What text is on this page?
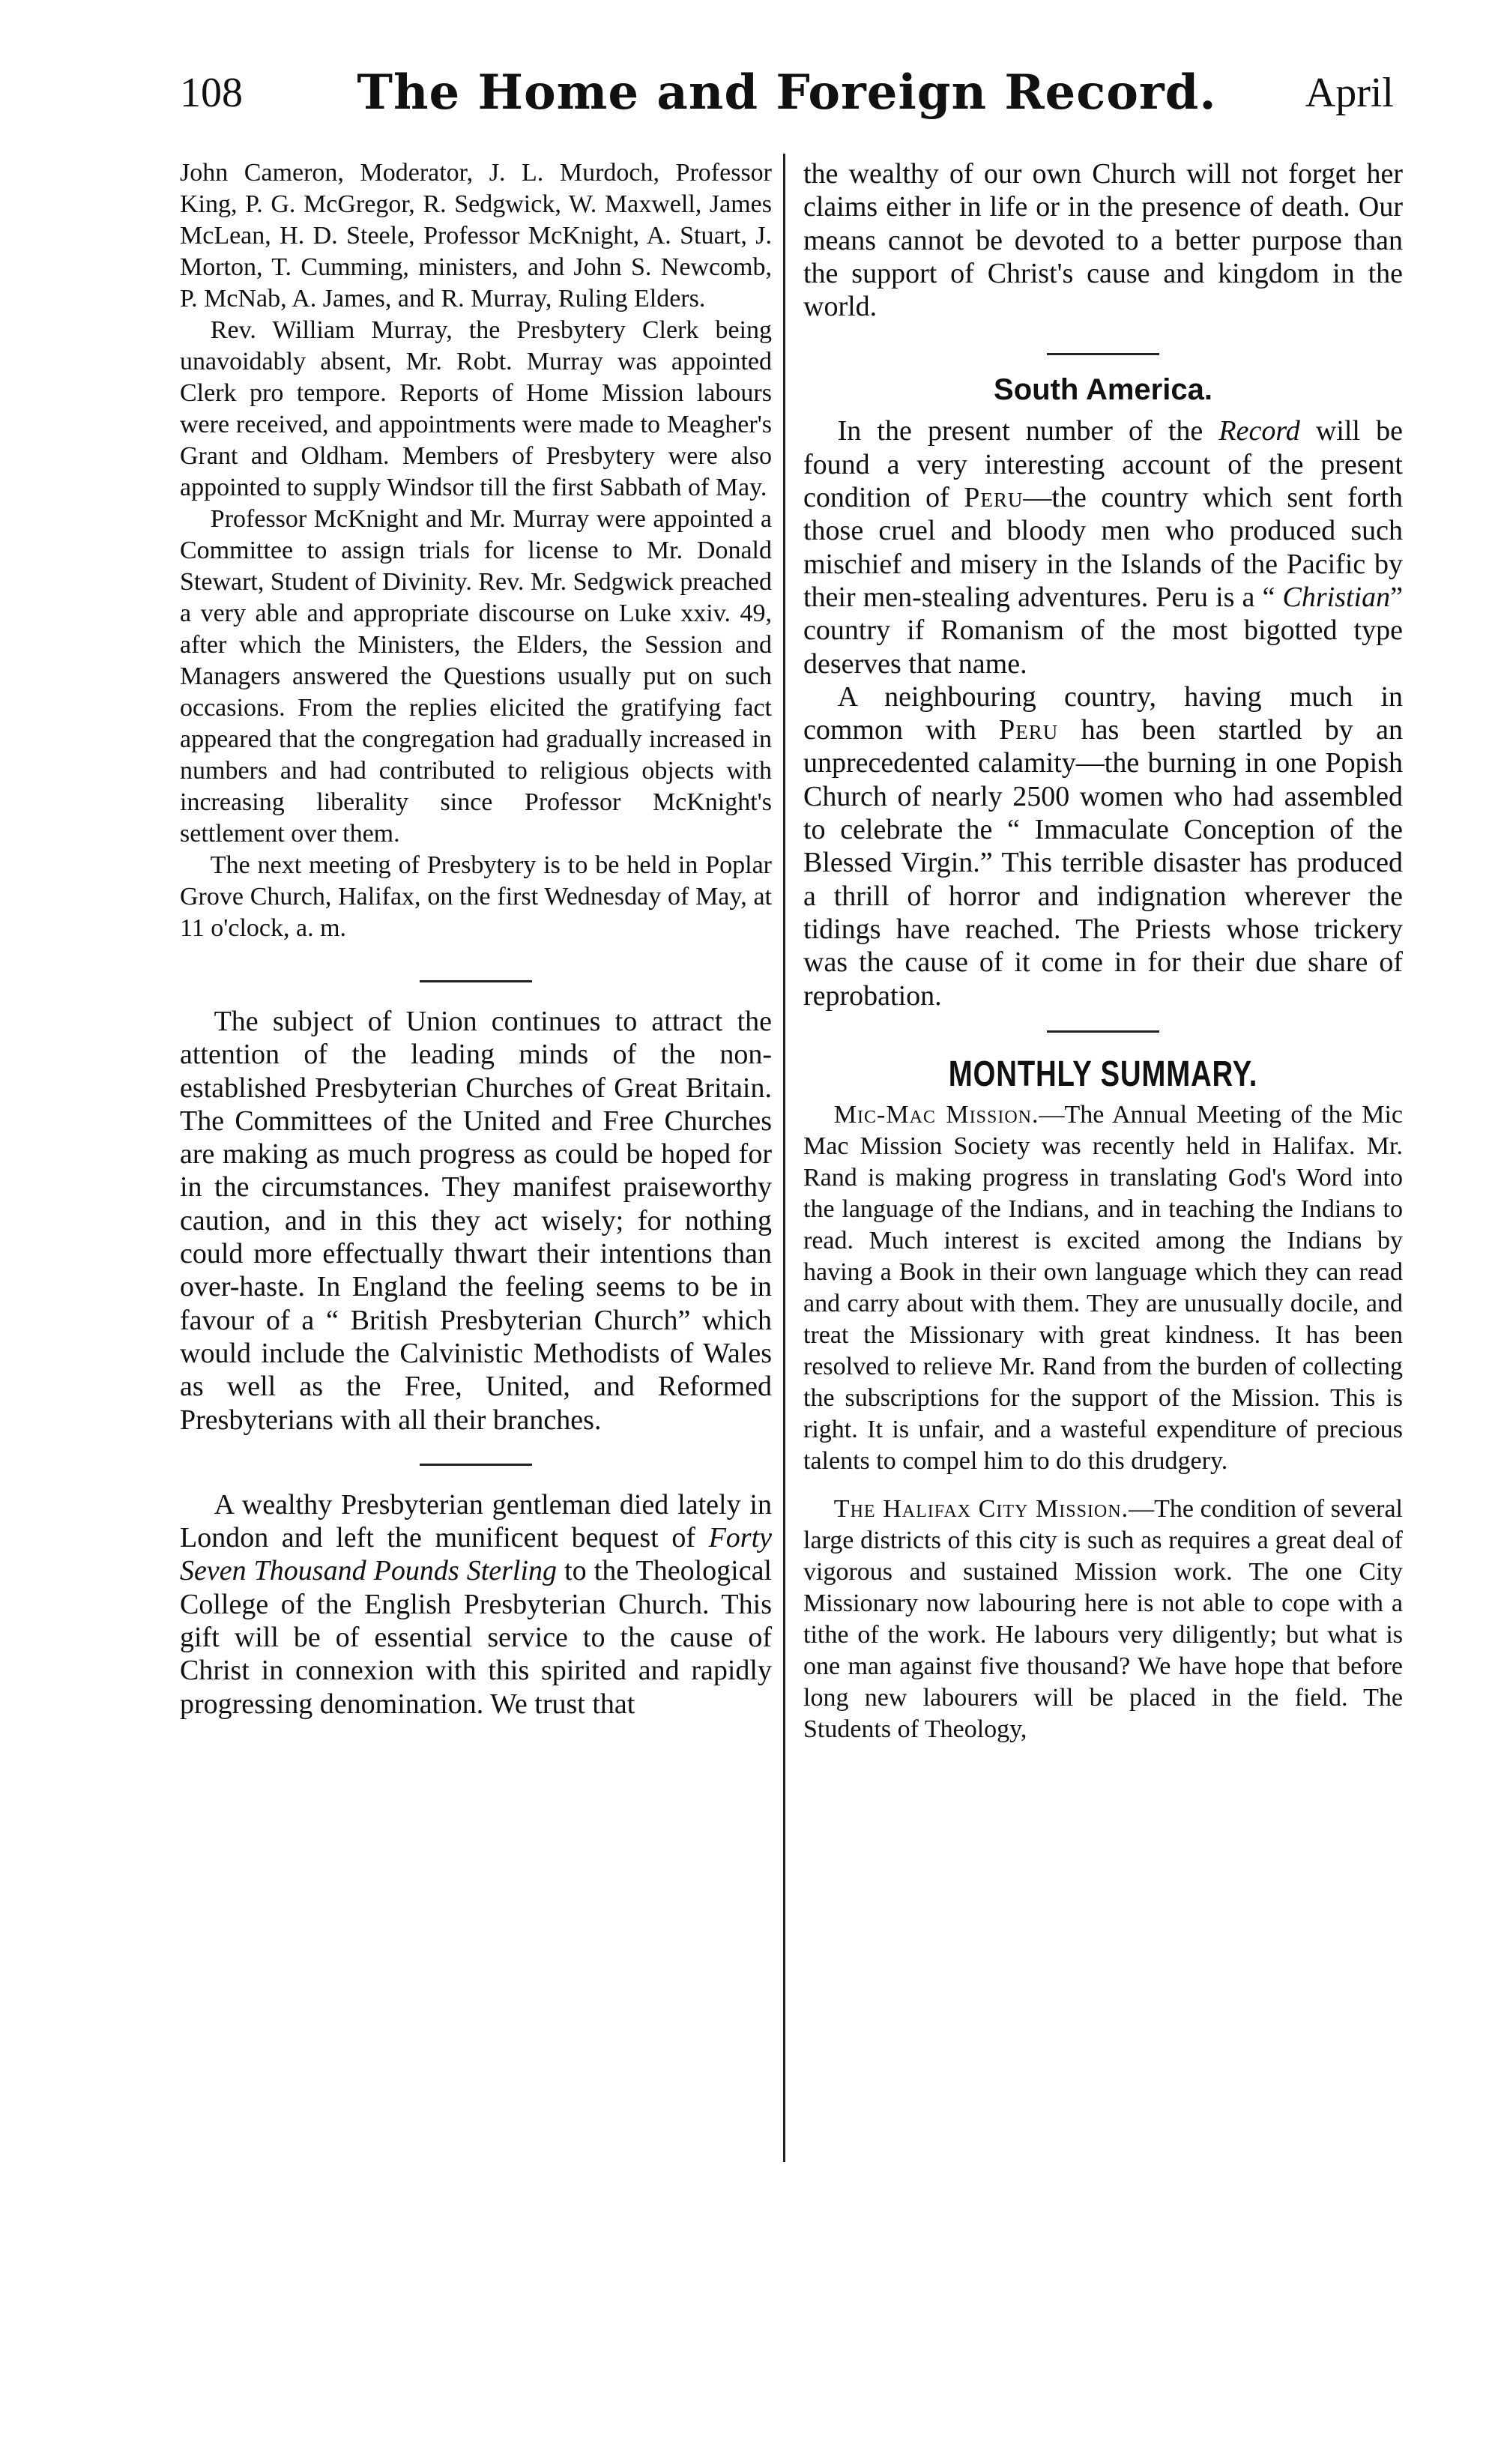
108	The Home and Foreign Record.	April

John Cameron, Moderator, J. L. Murdoch, Professor King, P. G. McGregor, R. Sedgwick, W. Maxwell, James McLean, H. D. Steele, Professor McKnight, A. Stuart, J. Morton, T. Cumming, ministers, and John S. Newcomb, P. McNab, A. James, and R. Murray, Ruling Elders.

Rev. William Murray, the Presbytery Clerk being unavoidably absent, Mr. Robt. Murray was appointed Clerk pro tempore. Reports of Home Mission labours were received, and appointments were made to Meagher's Grant and Oldham. Members of Presbytery were also appointed to supply Windsor till the first Sabbath of May.

Professor McKnight and Mr. Murray were appointed a Committee to assign trials for license to Mr. Donald Stewart, Student of Divinity. Rev. Mr. Sedgwick preached a very able and appropriate discourse on Luke xxiv. 49, after which the Ministers, the Elders, the Session and Managers answered the Questions usually put on such occasions. From the replies elicited the gratifying fact appeared that the congregation had gradually increased in numbers and had contributed to religious objects with increasing liberality since Professor McKnight's settlement over them.

The next meeting of Presbytery is to be held in Poplar Grove Church, Halifax, on the first Wednesday of May, at 11 o'clock, a. m.

The subject of Union continues to attract the attention of the leading minds of the non-established Presbyterian Churches of Great Britain. The Committees of the United and Free Churches are making as much progress as could be hoped for in the circumstances. They manifest praiseworthy caution, and in this they act wisely; for nothing could more effectually thwart their intentions than over-haste. In England the feeling seems to be in favour of a “ British Presbyterian Church” which would include the Calvinistic Methodists of Wales as well as the Free, United, and Reformed Presbyterians with all their branches.

A wealthy Presbyterian gentleman died lately in London and left the munificent bequest of Forty Seven Thousand Pounds Sterling to the Theological College of the English Presbyterian Church. This gift will be of essential service to the cause of Christ in connexion with this spirited and rapidly progressing denomination. We trust that

the wealthy of our own Church will not forget her claims either in life or in the presence of death. Our means cannot be devoted to a better purpose than the support of Christ's cause and kingdom in the world.

South America.

In the present number of the Record will be found a very interesting account of the present condition of Peru—the country which sent forth those cruel and bloody men who produced such mischief and misery in the Islands of the Pacific by their men-stealing adventures. Peru is a “ Christian” country if Romanism of the most bigotted type deserves that name.

A neighbouring country, having much in common with Peru has been startled by an unprecedented calamity—the burning in one Popish Church of nearly 2500 women who had assembled to celebrate the “ Immaculate Conception of the Blessed Virgin.” This terrible disaster has produced a thrill of horror and indignation wherever the tidings have reached. The Priests whose trickery was the cause of it come in for their due share of reprobation.

MONTHLY SUMMARY.

Mic-Mac Mission.—The Annual Meeting of the Mic Mac Mission Society was recently held in Halifax. Mr. Rand is making progress in translating God's Word into the language of the Indians, and in teaching the Indians to read. Much interest is excited among the Indians by having a Book in their own language which they can read and carry about with them. They are unusually docile, and treat the Missionary with great kindness. It has been resolved to relieve Mr. Rand from the burden of collecting the subscriptions for the support of the Mission. This is right. It is unfair, and a wasteful expenditure of precious talents to compel him to do this drudgery.

The Halifax City Mission.—The condition of several large districts of this city is such as requires a great deal of vigorous and sustained Mission work. The one City Missionary now labouring here is not able to cope with a tithe of the work. He labours very diligently; but what is one man against five thousand? We have hope that before long new labourers will be placed in the field. The Students of Theology,
